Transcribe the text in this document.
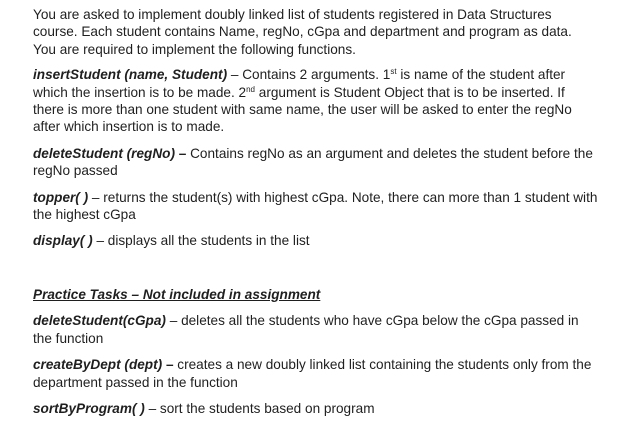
You are asked to implement doubly linked list of students registered in Data Structures course. Each student contains Name, regNo, cGpa and department and program as data. You are required to implement the following functions.

insertStudent (name, Student) – Contains 2 arguments. 1st is name of the student after which the insertion is to be made. 2nd argument is Student Object that is to be inserted. If there is more than one student with same name, the user will be asked to enter the regNo after which insertion is to made.

deleteStudent (regNo) – Contains regNo as an argument and deletes the student before the regNo passed

topper( ) – returns the student(s) with highest cGpa. Note, there can more than 1 student with the highest cGpa

display( ) – displays all the students in the list

Practice Tasks – Not included in assignment

deleteStudent(cGpa) – deletes all the students who have cGpa below the cGpa passed in the function

createByDept (dept) – creates a new doubly linked list containing the students only from the department passed in the function

sortByProgram( ) – sort the students based on program
